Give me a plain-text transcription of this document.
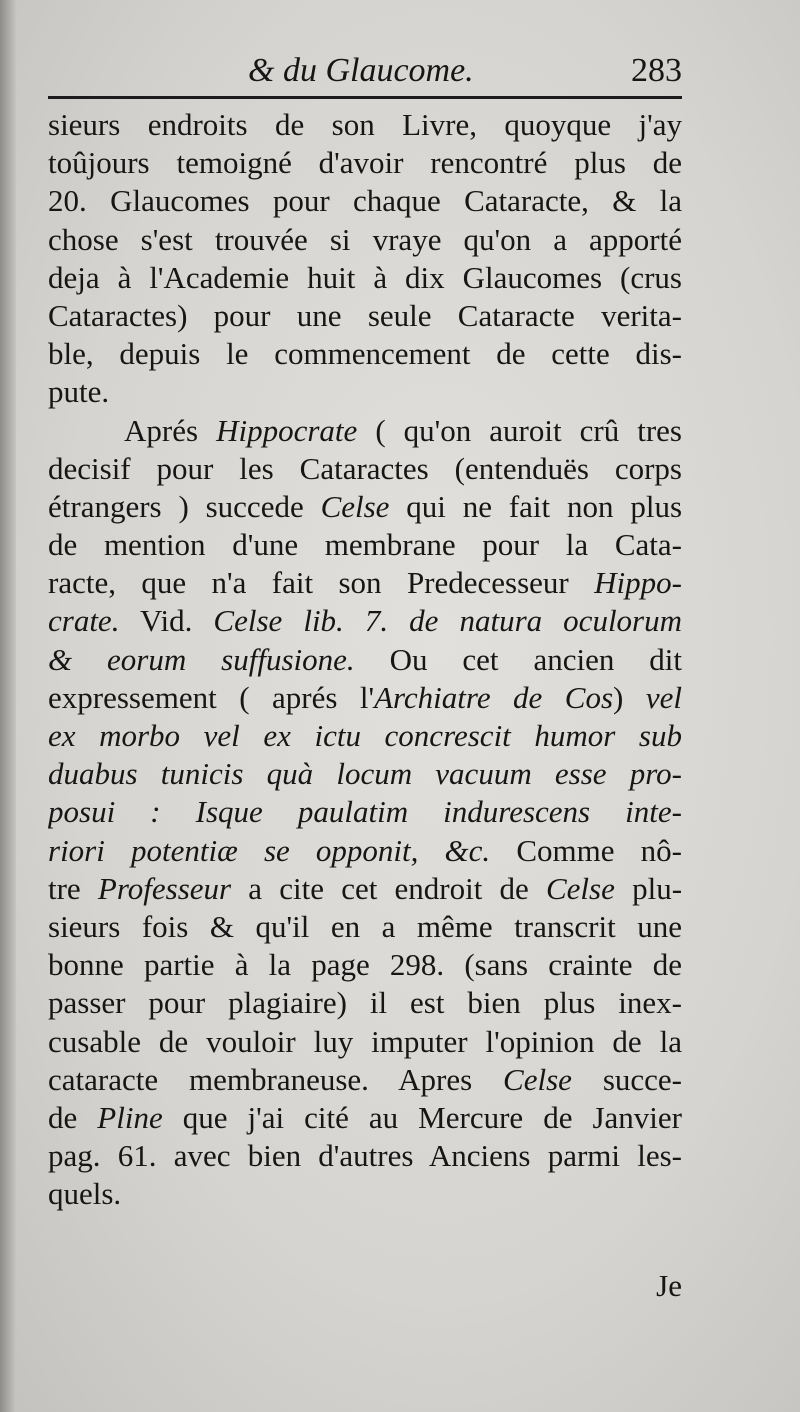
& du Glaucome.	283
sieurs endroits de son Livre, quoyque j'ay
toûjours temoigné d'avoir rencontré plus de
20. Glaucomes pour chaque Cataracte, & la
chose s'est trouvée si vraye qu'on a apporté
deja à l'Academie huit à dix Glaucomes (crus
Cataractes) pour une seule Cataracte verita-
ble, depuis le commencement de cette dis-
pute.
Aprés Hippocrate ( qu'on auroit crû tres
decisif pour les Cataractes (entenduës corps
étrangers ) succede Celse qui ne fait non plus
de mention d'une membrane pour la Cata-
racte, que n'a fait son Predecesseur Hippo-
crate. Vid. Celse lib. 7. de natura oculorum
& eorum suffusione. Ou cet ancien dit
expressement ( aprés l'Archiatre de Cos) vel
ex morbo vel ex ictu concrescit humor sub
duabus tunicis quà locum vacuum esse pro-
posui : Isque paulatim indurescens inte-
riori potentiæ se opponit, &c. Comme nô-
tre Professeur a cite cet endroit de Celse plu-
sieurs fois & qu'il en a même transcrit une
bonne partie à la page 298. (sans crainte de
passer pour plagiaire) il est bien plus inex-
cusable de vouloir luy imputer l'opinion de la
cataracte membraneuse. Apres Celse succe-
de Pline que j'ai cité au Mercure de Janvier
pag. 61. avec bien d'autres Anciens parmi les-
quels.
Je
